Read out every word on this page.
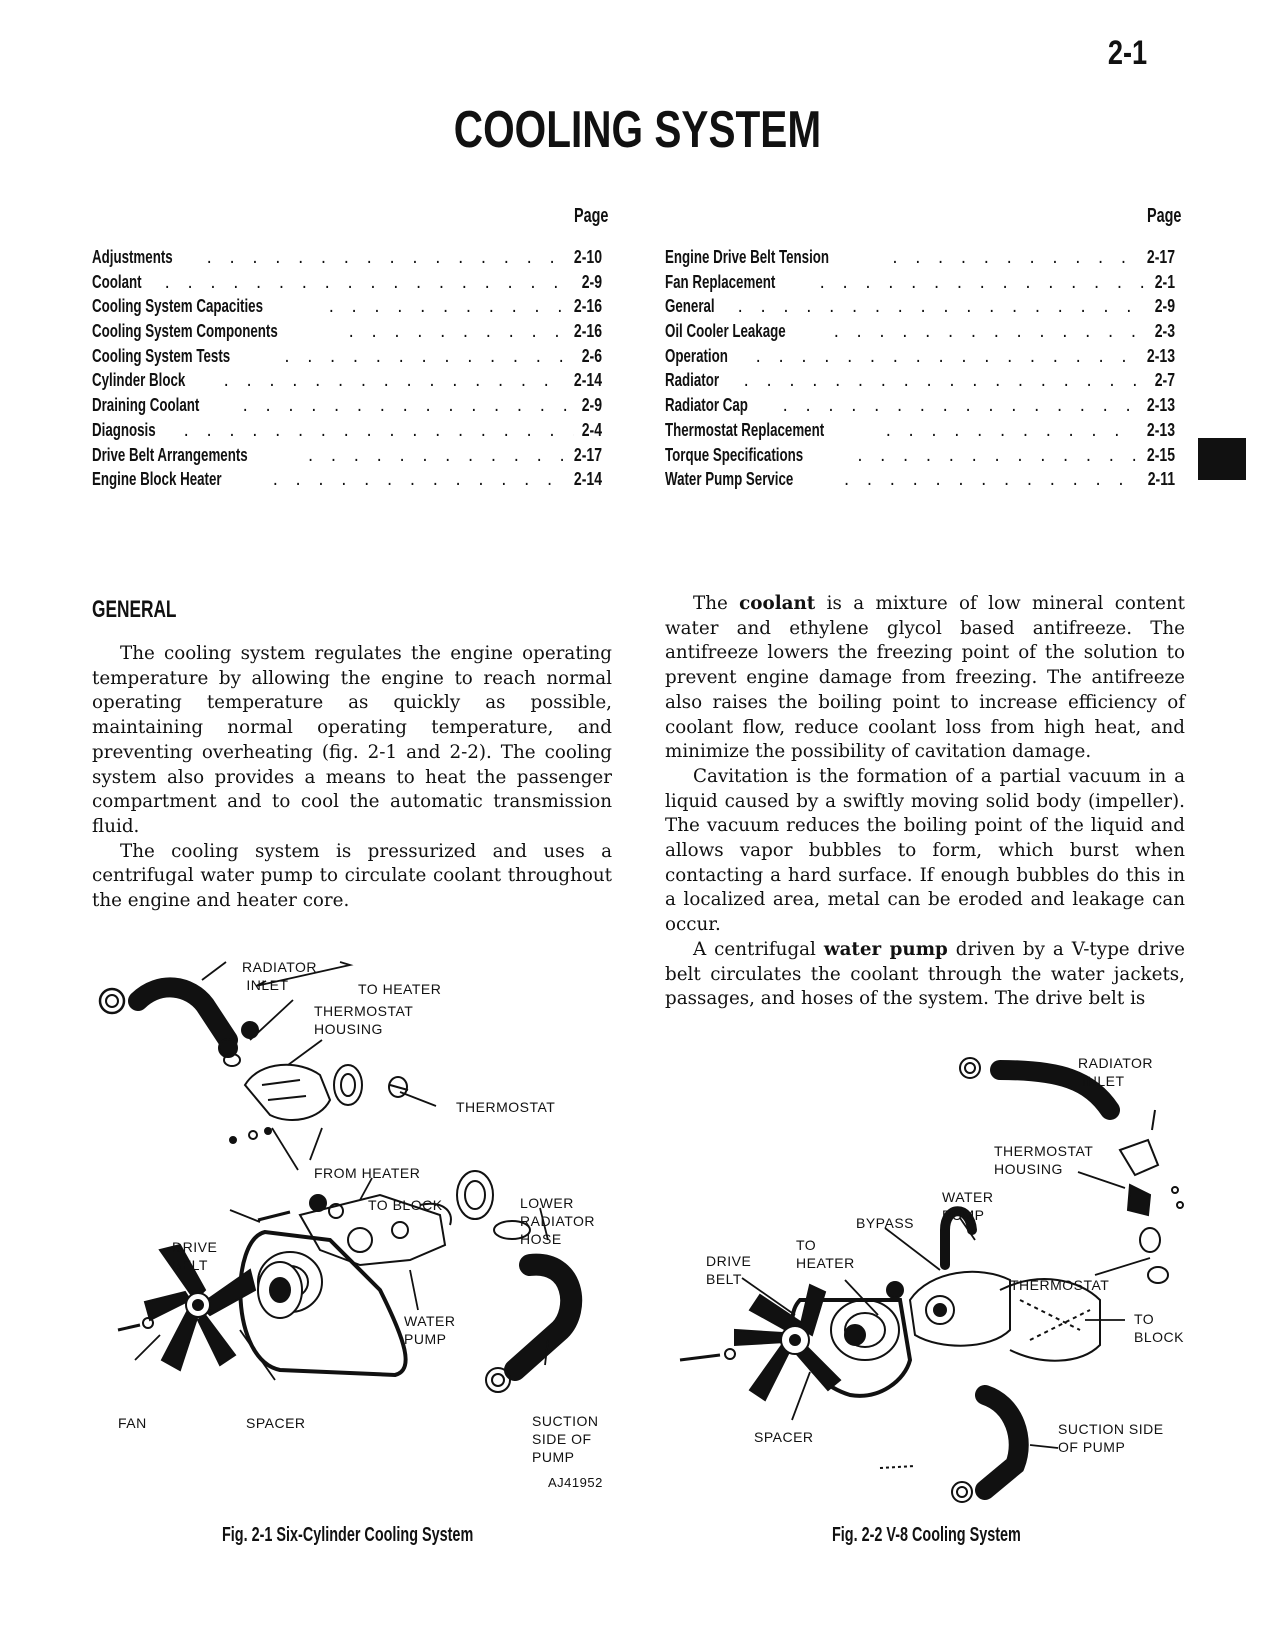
2-1
COOLING SYSTEM
Page	Page
Adjustments . . .	2-10
Coolant . . .	2-9
Cooling System Capacities . . .	2-16
Cooling System Components . . .	2-16
Cooling System Tests . . .	2-6
Cylinder Block . . .	2-14
Draining Coolant . . .	2-9
Diagnosis . . .	2-4
Drive Belt Arrangements . . .	2-17
Engine Block Heater . . .	2-14
Engine Drive Belt Tension . . .	2-17
Fan Replacement . . .	2-1
General . . .	2-9
Oil Cooler Leakage . . .	2-3
Operation . . .	2-13
Radiator . . .	2-7
Radiator Cap . . .	2-13
Thermostat Replacement . . .	2-13
Torque Specifications . . .	2-15
Water Pump Service . . .	2-11
GENERAL

The cooling system regulates the engine operating temperature by allowing the engine to reach normal operating temperature as quickly as possible, maintaining normal operating temperature, and preventing overheating (fig. 2-1 and 2-2). The cooling system also provides a means to heat the passenger compartment and to cool the automatic transmission fluid.

The cooling system is pressurized and uses a centrifugal water pump to circulate coolant throughout the engine and heater core.

The coolant is a mixture of low mineral content water and ethylene glycol based antifreeze. The antifreeze lowers the freezing point of the solution to prevent engine damage from freezing. The antifreeze also raises the boiling point to increase efficiency of coolant flow, reduce coolant loss from high heat, and minimize the possibility of cavitation damage.

Cavitation is the formation of a partial vacuum in a liquid caused by a swiftly moving solid body (impeller). The vacuum reduces the boiling point of the liquid and allows vapor bubbles to form, which burst when contacting a hard surface. If enough bubbles do this in a localized area, metal can be eroded and leakage can occur.

A centrifugal water pump driven by a V-type drive belt circulates the coolant through the water jackets, passages, and hoses of the system. The drive belt is

RADIATOR
INLET	TO HEATER
THERMOSTAT
HOUSING
THERMOSTAT
FROM HEATER
TO BLOCK	LOWER
RADIATOR
HOSE
DRIVE
BELT
WATER
PUMP
FAN	SPACER	SUCTION
SIDE OF
PUMP
AJ41952
RADIATOR
INLET
THERMOSTAT
HOUSING
WATER
PUMP
BYPASS
TO
HEATER
DRIVE
BELT	THERMOSTAT
TO
BLOCK
SPACER	SUCTION SIDE
OF PUMP
Fig. 2-1 Six-Cylinder Cooling System	Fig. 2-2 V-8 Cooling System
